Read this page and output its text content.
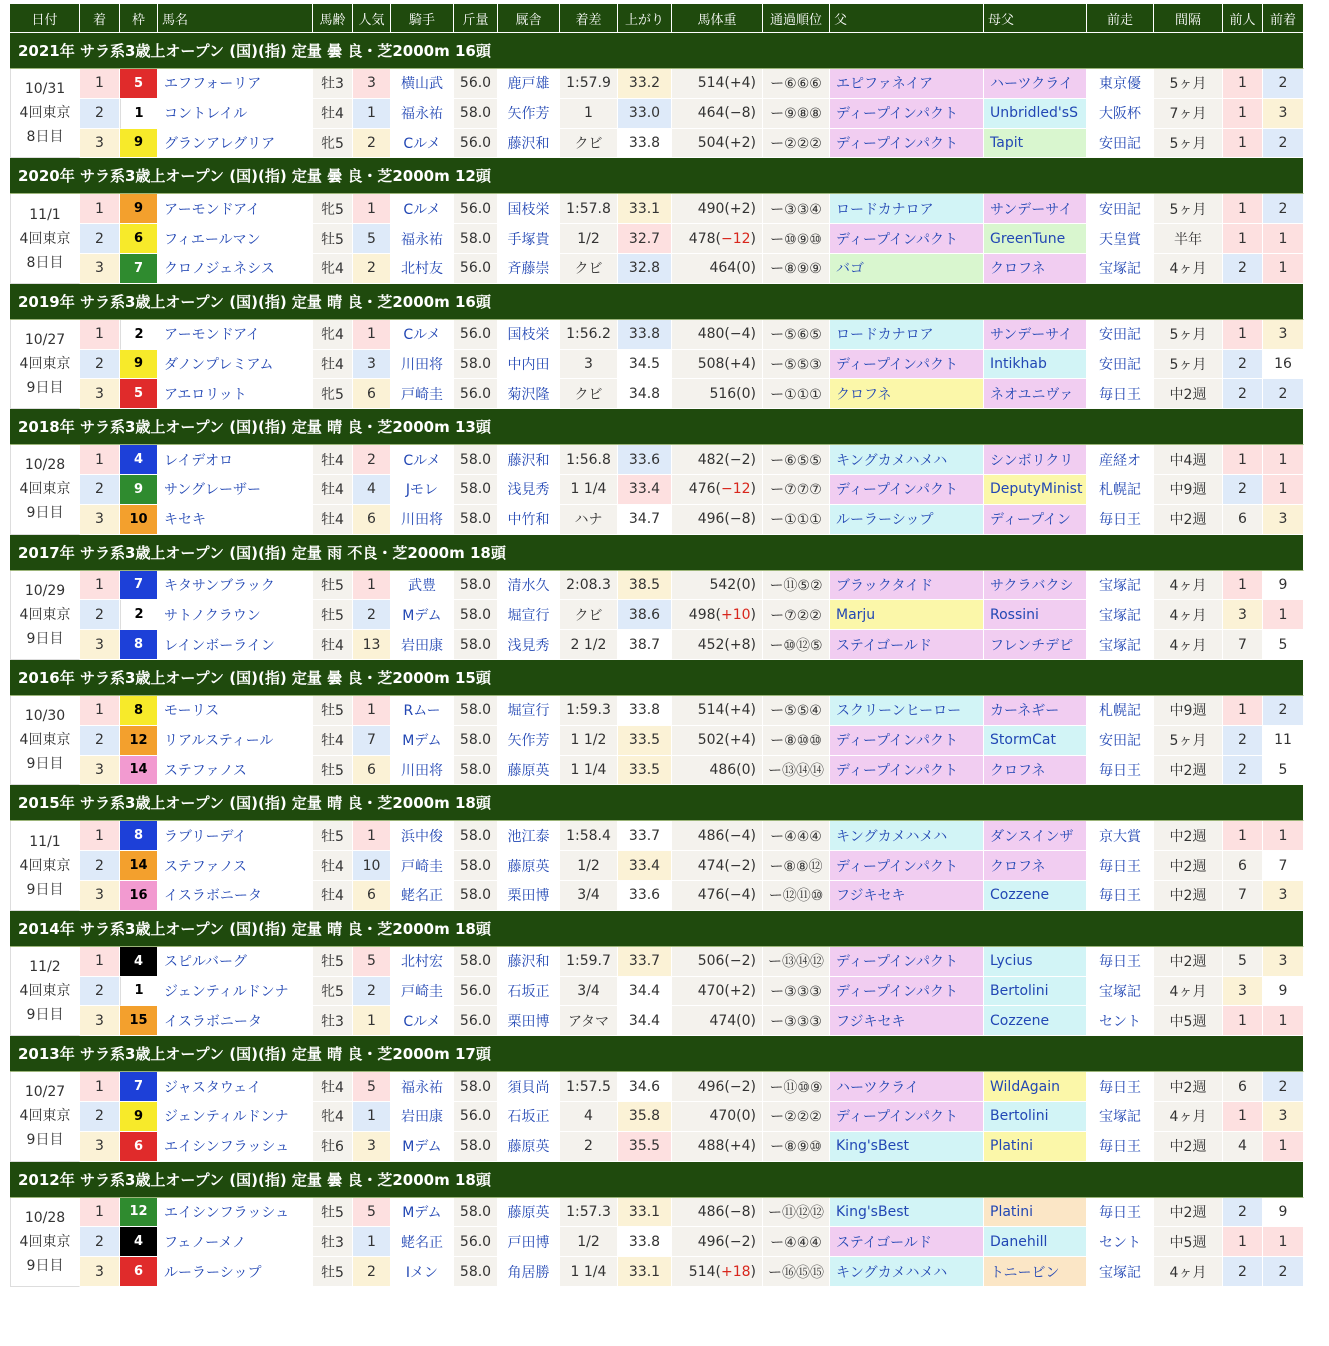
日付	着	枠	馬名	馬齢	人気	騎手	斤量	厩舎	着差	上がり	馬体重	通過順位	父	母父	前走	間隔	前人	前着
2021年 サラ系3歳上オープン (国)(指) 定量 曇 良・芝2000m 16頭																		

10/31
4回東京
8日目	1	5	エフフォーリア	牡3	3	横山武	56.0	鹿戸雄	1:57.9	33.2	514(+4)	ー⑥⑥⑥	エピファネイア	ハーツクライ	東京優	5ヶ月	1	2
	2	1	コントレイル	牡4	1	福永祐	58.0	矢作芳	1	33.0	464(−8)	ー⑨⑧⑧	ディープインパクト	Unbridled'sS	大阪杯	7ヶ月	1	3
	3	9	グランアレグリア	牝5	2	Cルメ	56.0	藤沢和	クビ	33.8	504(+2)	ー②②②	ディープインパクト	Tapit	安田記	5ヶ月	1	2
2020年 サラ系3歳上オープン (国)(指) 定量 曇 良・芝2000m 12頭																		

11/1
4回東京
8日目	1	9	アーモンドアイ	牝5	1	Cルメ	56.0	国枝栄	1:57.8	33.1	490(+2)	ー③③④	ロードカナロア	サンデーサイ	安田記	5ヶ月	1	2
	2	6	フィエールマン	牡5	5	福永祐	58.0	手塚貴	1/2	32.7	478(−12)	ー⑩⑨⑩	ディープインパクト	GreenTune	天皇賞	半年	1	1
	3	7	クロノジェネシス	牝4	2	北村友	56.0	斉藤崇	クビ	32.8	464(0)	ー⑧⑨⑨	バゴ	クロフネ	宝塚記	4ヶ月	2	1
2019年 サラ系3歳上オープン (国)(指) 定量 晴 良・芝2000m 16頭																		

10/27
4回東京
9日目	1	2	アーモンドアイ	牝4	1	Cルメ	56.0	国枝栄	1:56.2	33.8	480(−4)	ー⑤⑥⑤	ロードカナロア	サンデーサイ	安田記	5ヶ月	1	3
	2	9	ダノンプレミアム	牡4	3	川田将	58.0	中内田	3	34.5	508(+4)	ー⑤⑤③	ディープインパクト	Intikhab	安田記	5ヶ月	2	16
	3	5	アエロリット	牝5	6	戸崎圭	56.0	菊沢隆	クビ	34.8	516(0)	ー①①①	クロフネ	ネオユニヴァ	毎日王	中2週	2	2
2018年 サラ系3歳上オープン (国)(指) 定量 晴 良・芝2000m 13頭																		

10/28
4回東京
9日目	1	4	レイデオロ	牡4	2	Cルメ	58.0	藤沢和	1:56.8	33.6	482(−2)	ー⑥⑤⑤	キングカメハメハ	シンボリクリ	産経オ	中4週	1	1
	2	9	サングレーザー	牡4	4	Jモレ	58.0	浅見秀	1 1/4	33.4	476(−12)	ー⑦⑦⑦	ディープインパクト	DeputyMinist	札幌記	中9週	2	1
	3	10	キセキ	牡4	6	川田将	58.0	中竹和	ハナ	34.7	496(−8)	ー①①①	ルーラーシップ	ディープイン	毎日王	中2週	6	3
2017年 サラ系3歳上オープン (国)(指) 定量 雨 不良・芝2000m 18頭																		

10/29
4回東京
9日目	1	7	キタサンブラック	牡5	1	武豊	58.0	清水久	2:08.3	38.5	542(0)	ー⑪⑤②	ブラックタイド	サクラバクシ	宝塚記	4ヶ月	1	9
	2	2	サトノクラウン	牡5	2	Mデム	58.0	堀宣行	クビ	38.6	498(+10)	ー⑦②②	Marju	Rossini	宝塚記	4ヶ月	3	1
	3	8	レインボーライン	牡4	13	岩田康	58.0	浅見秀	2 1/2	38.7	452(+8)	ー⑩⑫⑤	ステイゴールド	フレンチデピ	宝塚記	4ヶ月	7	5
2016年 サラ系3歳上オープン (国)(指) 定量 曇 良・芝2000m 15頭																		

10/30
4回東京
9日目	1	8	モーリス	牡5	1	Rムー	58.0	堀宣行	1:59.3	33.8	514(+4)	ー⑤⑤④	スクリーンヒーロー	カーネギー	札幌記	中9週	1	2
	2	12	リアルスティール	牡4	7	Mデム	58.0	矢作芳	1 1/2	33.5	502(+4)	ー⑧⑩⑩	ディープインパクト	StormCat	安田記	5ヶ月	2	11
	3	14	ステファノス	牡5	6	川田将	58.0	藤原英	1 1/4	33.5	486(0)	ー⑬⑭⑭	ディープインパクト	クロフネ	毎日王	中2週	2	5
2015年 サラ系3歳上オープン (国)(指) 定量 晴 良・芝2000m 18頭																		

11/1
4回東京
9日目	1	8	ラブリーデイ	牡5	1	浜中俊	58.0	池江泰	1:58.4	33.7	486(−4)	ー④④④	キングカメハメハ	ダンスインザ	京大賞	中2週	1	1
	2	14	ステファノス	牡4	10	戸崎圭	58.0	藤原英	1/2	33.4	474(−2)	ー⑧⑧⑫	ディープインパクト	クロフネ	毎日王	中2週	6	7
	3	16	イスラボニータ	牡4	6	蛯名正	58.0	栗田博	3/4	33.6	476(−4)	ー⑫⑪⑩	フジキセキ	Cozzene	毎日王	中2週	7	3
2014年 サラ系3歳上オープン (国)(指) 定量 晴 良・芝2000m 18頭																		

11/2
4回東京
9日目	1	4	スピルバーグ	牡5	5	北村宏	58.0	藤沢和	1:59.7	33.7	506(−2)	ー⑬⑭⑫	ディープインパクト	Lycius	毎日王	中2週	5	3
	2	1	ジェンティルドンナ	牝5	2	戸崎圭	56.0	石坂正	3/4	34.4	470(+2)	ー③③③	ディープインパクト	Bertolini	宝塚記	4ヶ月	3	9
	3	15	イスラボニータ	牡3	1	Cルメ	56.0	栗田博	アタマ	34.4	474(0)	ー③③③	フジキセキ	Cozzene	セント	中5週	1	1
2013年 サラ系3歳上オープン (国)(指) 定量 晴 良・芝2000m 17頭																		

10/27
4回東京
9日目	1	7	ジャスタウェイ	牡4	5	福永祐	58.0	須貝尚	1:57.5	34.6	496(−2)	ー⑪⑩⑨	ハーツクライ	WildAgain	毎日王	中2週	6	2
	2	9	ジェンティルドンナ	牝4	1	岩田康	56.0	石坂正	4	35.8	470(0)	ー②②②	ディープインパクト	Bertolini	宝塚記	4ヶ月	1	3
	3	6	エイシンフラッシュ	牡6	3	Mデム	58.0	藤原英	2	35.5	488(+4)	ー⑧⑨⑩	King'sBest	Platini	毎日王	中2週	4	1
2012年 サラ系3歳上オープン (国)(指) 定量 曇 良・芝2000m 18頭																		

10/28
4回東京
9日目	1	12	エイシンフラッシュ	牡5	5	Mデム	58.0	藤原英	1:57.3	33.1	486(−8)	ー⑪⑫⑫	King'sBest	Platini	毎日王	中2週	2	9
	2	4	フェノーメノ	牡3	1	蛯名正	56.0	戸田博	1/2	33.8	496(−2)	ー④④④	ステイゴールド	Danehill	セント	中5週	1	1
	3	6	ルーラーシップ	牡5	2	Iメン	58.0	角居勝	1 1/4	33.1	514(+18)	ー⑯⑮⑮	キングカメハメハ	トニービン	宝塚記	4ヶ月	2	2
